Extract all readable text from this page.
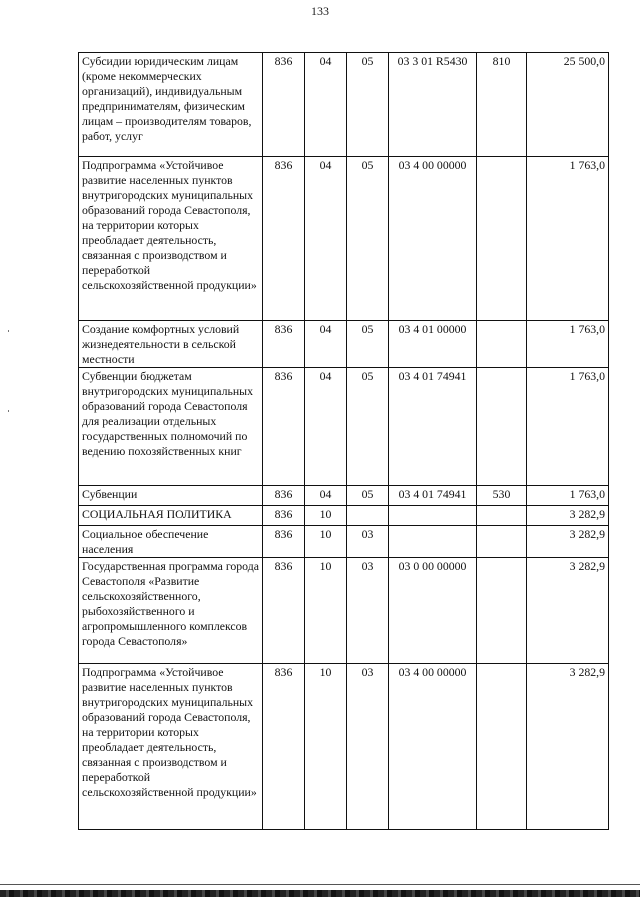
133
Субсидии юридическим лицам (кроме некоммерческих организаций), индивидуальным предпринимателям, физическим лицам – производителям товаров, работ, услуг	836	04	05	03 3 01 R5430	810	25 500,0
Подпрограмма «Устойчивое развитие населенных пунктов внутригородских муниципальных образований города Севастополя, на территории которых преобладает деятельность, связанная с производством и переработкой сельскохозяйственной продукции»	836	04	05	03 4 00 00000		1 763,0
Создание комфортных условий жизнедеятельности в сельской местности	836	04	05	03 4 01 00000		1 763,0
Субвенции бюджетам внутригородских муниципальных образований города Севастополя для реализации отдельных государственных полномочий по ведению похозяйственных книг	836	04	05	03 4 01 74941		1 763,0
Субвенции	836	04	05	03 4 01 74941	530	1 763,0
СОЦИАЛЬНАЯ ПОЛИТИКА	836	10				3 282,9
Социальное обеспечение населения	836	10	03			3 282,9
Государственная программа города Севастополя «Развитие сельскохозяйственного, рыбохозяйственного и агропромышленного комплексов города Севастополя»	836	10	03	03 0 00 00000		3 282,9
Подпрограмма «Устойчивое развитие населенных пунктов внутригородских муниципальных образований города Севастополя, на территории которых преобладает деятельность, связанная с производством и переработкой сельскохозяйственной продукции»	836	10	03	03 4 00 00000		3 282,9
